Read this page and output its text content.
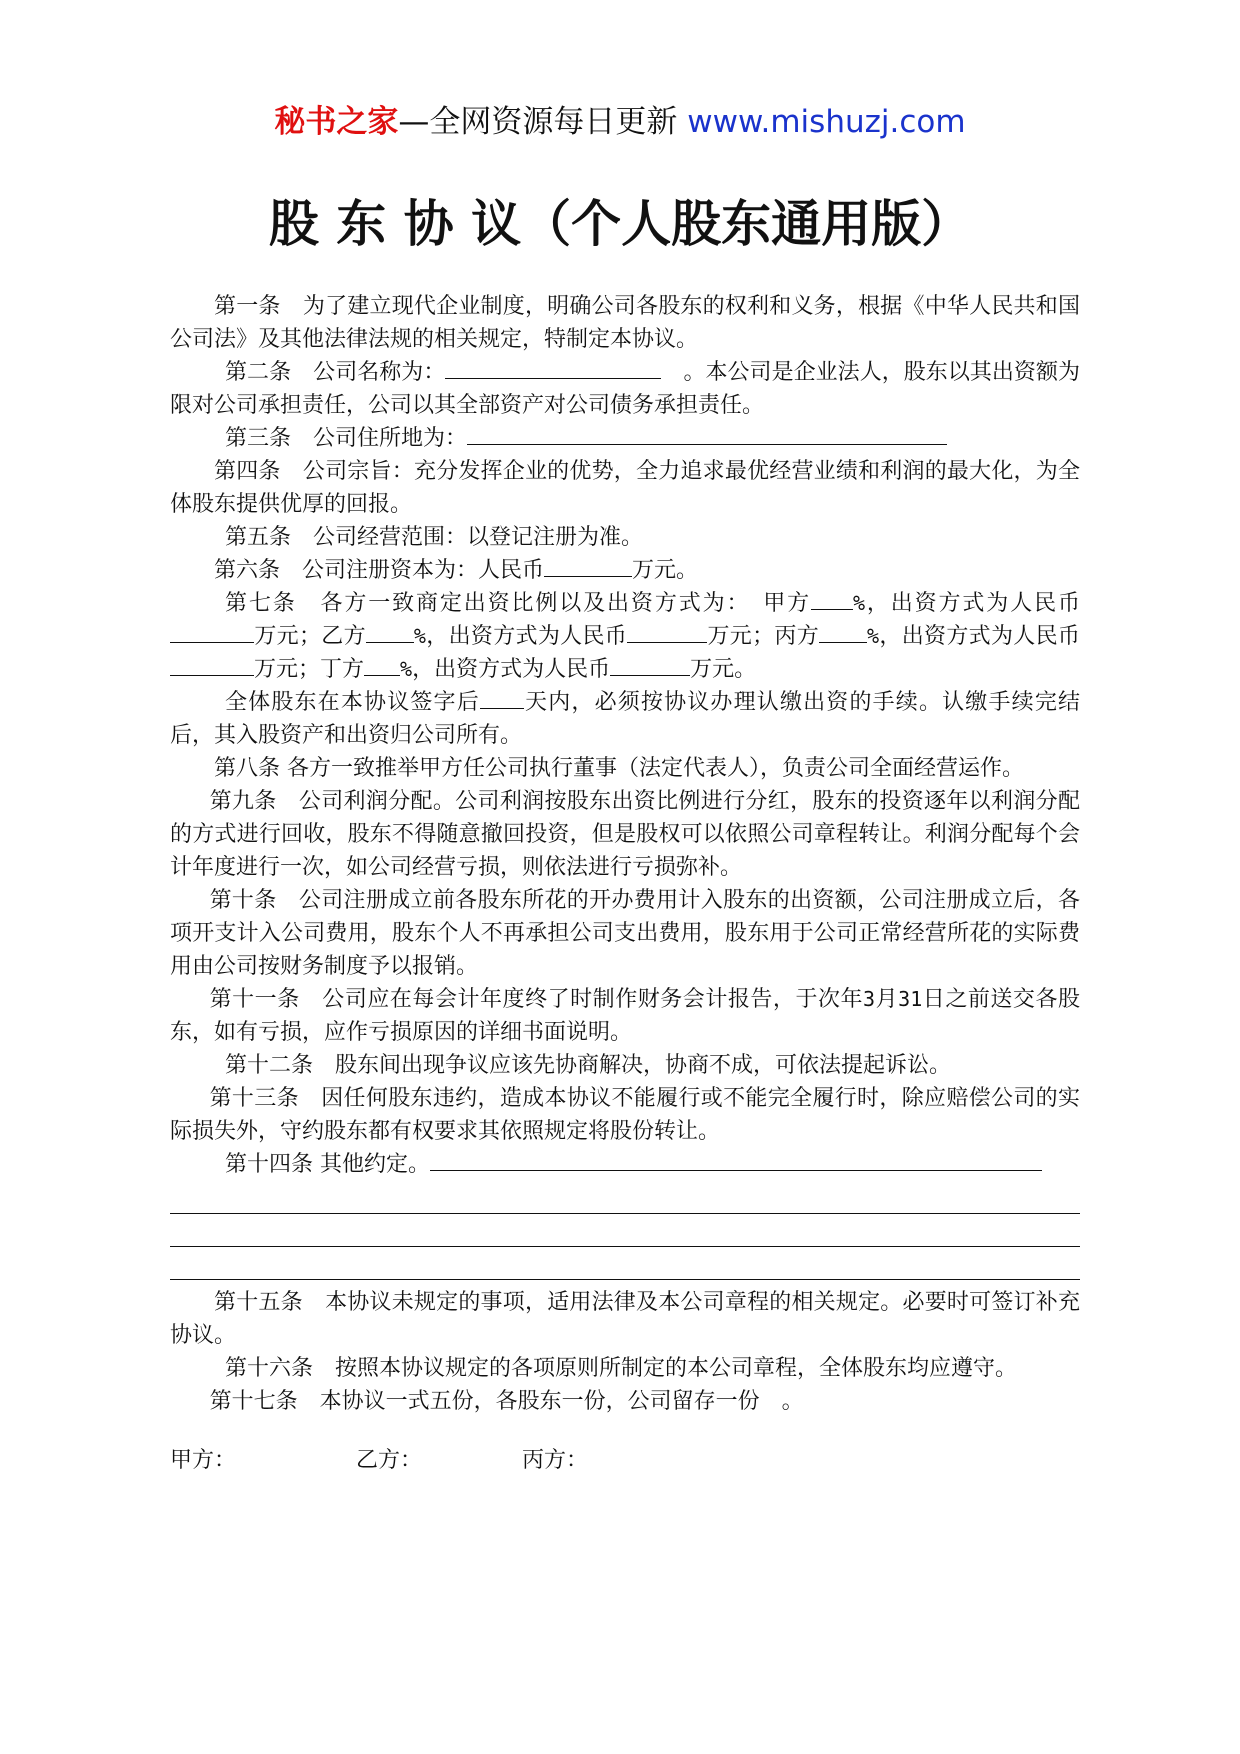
秘书之家—全网资源每日更新 www.mishuzj.com
股 东 协 议（个人股东通用版）

第一条　 为了建立现代企业制度，明确公司各股东的权利和义务，根据《中华人民共和国公司法》及其他法律法规的相关规定，特制定本协议。

第二条　 公司名称为：　	。本公司是企业法人，股东以其出资额为限对公司承担责任，公司以其全部资产对公司债务承担责任。

第三条　 公司住所地为：

第四条　 公司宗旨：充分发挥企业的优势，全力追求最优经营业绩和利润的最大化，为全体股东提供优厚的回报。

第五条　 公司经营范围：以登记注册为准。

第六条　 公司注册资本为：人民币	万元。

第七条　 各方一致商定出资比例以及出资方式为：　 甲方 %，出资方式为人民币万元；乙方 %，出资方式为人民币	万元；丙方 %，出资方式为人民币万元；丁方 %，出资方式为人民币	万元。

全体股东在本协议签字后 天内，必须按协议办理认缴出资的手续。认缴手续完结后，其入股资产和出资归公司所有。

第八条 各方一致推举甲方任公司执行董事（法定代表人），负责公司全面经营运作。

第九条　 公司利润分配。公司利润按股东出资比例进行分红，股东的投资逐年以利润分配的方式进行回收，股东不得随意撤回投资，但是股权可以依照公司章程转让。利润分配每个会计年度进行一次，如公司经营亏损，则依法进行亏损弥补。

第十条　 公司注册成立前各股东所花的开办费用计入股东的出资额，公司注册成立后，各项开支计入公司费用，股东个人不再承担公司支出费用，股东用于公司正常经营所花的实际费用由公司按财务制度予以报销。

第十一条　 公司应在每会计年度终了时制作财务会计报告，于次年3月31日之前送交各股东，如有亏损，应作亏损原因的详细书面说明。

第十二条　 股东间出现争议应该先协商解决，协商不成，可依法提起诉讼。

第十三条　 因任何股东违约，造成本协议不能履行或不能完全履行时，除应赔偿公司的实际损失外，守约股东都有权要求其依照规定将股份转让。

第十四条 其他约定。

第十五条　 本协议未规定的事项，适用法律及本公司章程的相关规定。必要时可签订补充协议。

第十六条　 按照本协议规定的各项原则所制定的本公司章程，全体股东均应遵守。

第十七条　 本协议一式五份，各股东一份，公司留存一份　。

甲方：	乙方：	丙方：
